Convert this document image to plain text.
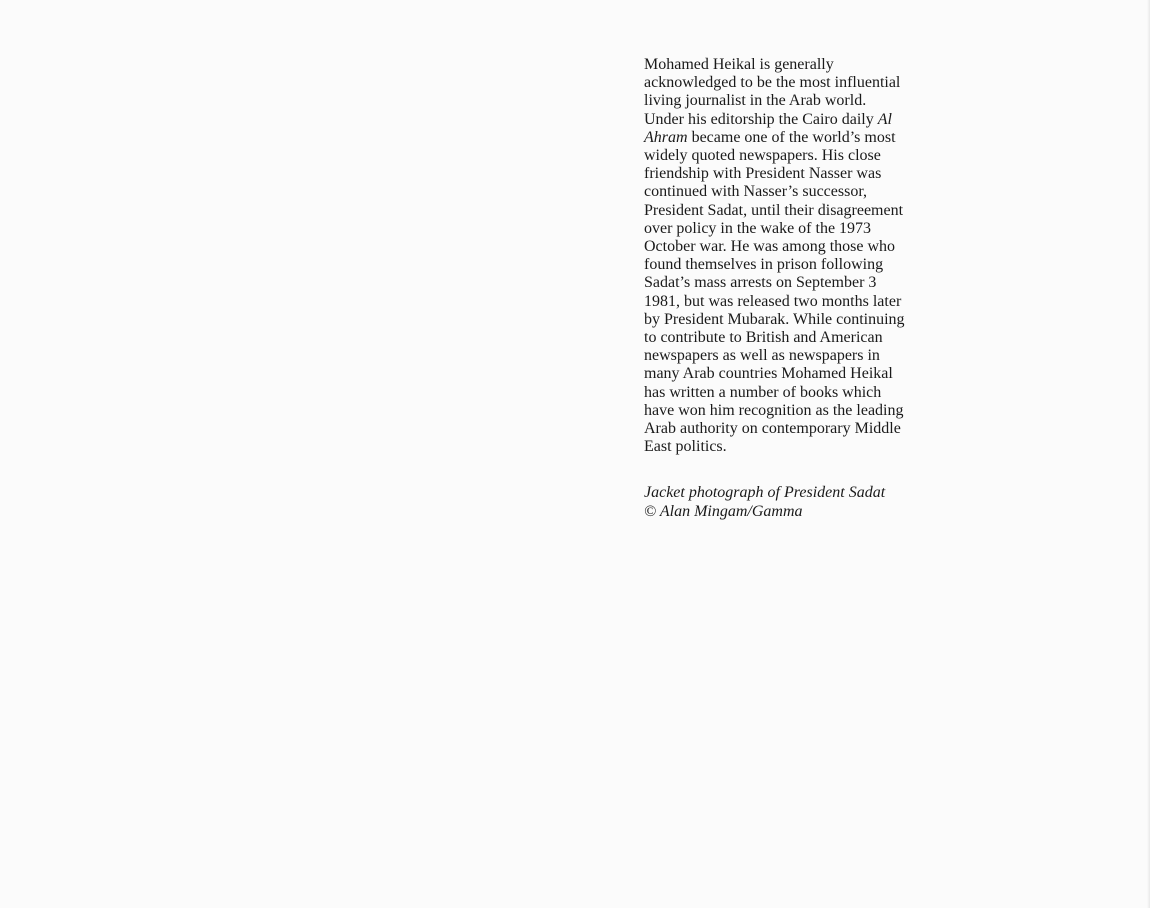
Mohamed Heikal is generally
acknowledged to be the most influential
living journalist in the Arab world.
Under his editorship the Cairo daily Al
Ahram became one of the world’s most
widely quoted newspapers. His close
friendship with President Nasser was
continued with Nasser’s successor,
President Sadat, until their disagreement
over policy in the wake of the 1973
October war. He was among those who
found themselves in prison following
Sadat’s mass arrests on September 3
1981, but was released two months later
by President Mubarak. While continuing
to contribute to British and American
newspapers as well as newspapers in
many Arab countries Mohamed Heikal
has written a number of books which
have won him recognition as the leading
Arab authority on contemporary Middle
East politics.
Jacket photograph of President Sadat
© Alan Mingam/Gamma
